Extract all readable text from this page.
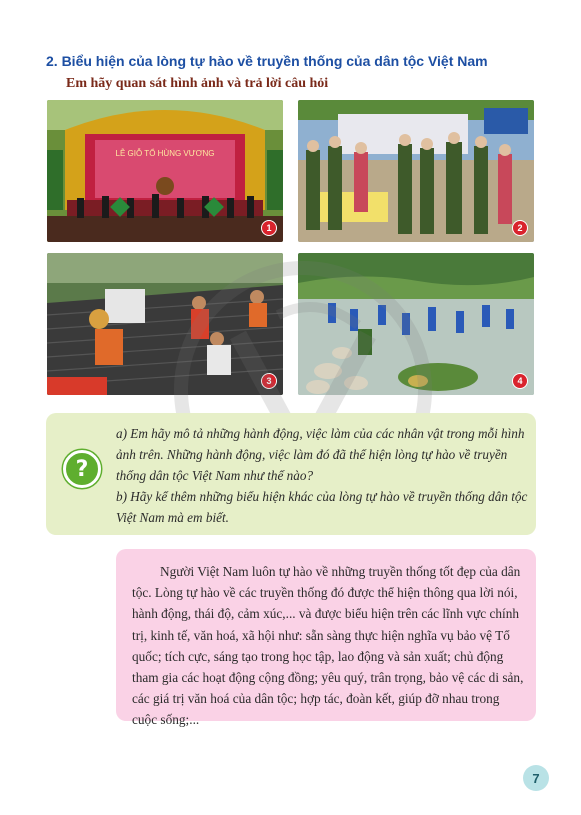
2. Biểu hiện của lòng tự hào về truyền thống của dân tộc Việt Nam
Em hãy quan sát hình ảnh và trả lời câu hỏi
LỄ GIỖ TỔ HÙNG VƯƠNG
1	2
3	4
?

a) Em hãy mô tả những hành động, việc làm của các nhân vật trong mỗi hình ảnh trên. Những hành động, việc làm đó đã thể hiện lòng tự hào về truyền thống dân tộc Việt Nam như thế nào?

b) Hãy kể thêm những biểu hiện khác của lòng tự hào về truyền thống dân tộc Việt Nam mà em biết.

Người Việt Nam luôn tự hào về những truyền thống tốt đẹp của dân tộc. Lòng tự hào về các truyền thống đó được thể hiện thông qua lời nói, hành động, thái độ, cảm xúc,... và được biểu hiện trên các lĩnh vực chính trị, kinh tế, văn hoá, xã hội như: sẵn sàng thực hiện nghĩa vụ bảo vệ Tổ quốc; tích cực, sáng tạo trong học tập, lao động và sản xuất; chủ động tham gia các hoạt động cộng đồng; yêu quý, trân trọng, bảo vệ các di sản, các giá trị văn hoá của dân tộc; hợp tác, đoàn kết, giúp đỡ nhau trong cuộc sống;...
7
